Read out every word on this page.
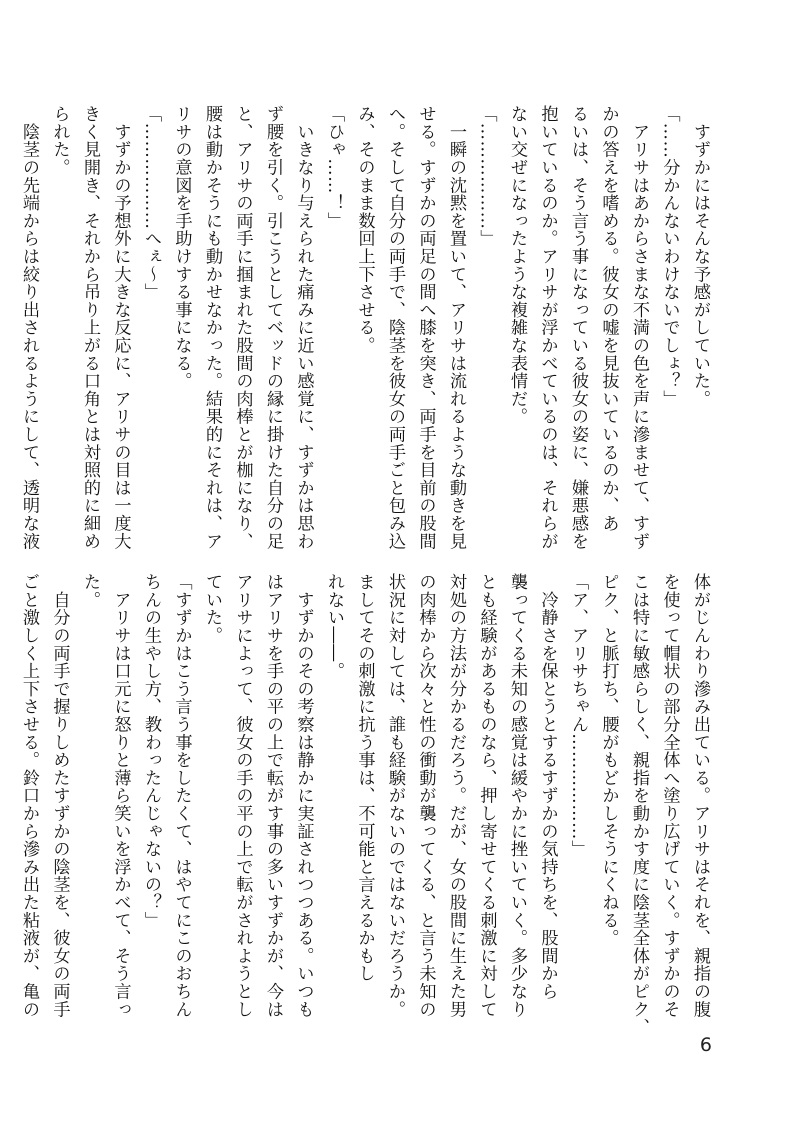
　すずかにはそんな予感がしていた。
「……分かんないわけないでしょ？」
　アリサはあからさまな不満の色を声に滲ませて、すず
かの答えを嗜める。彼女の嘘を見抜いているのか、あ
るいは、そう言う事になっている彼女の姿に、嫌悪感を
抱いているのか。アリサが浮かべているのは、それらが
ない交ぜになったような複雑な表情だ。
「………………」
　一瞬の沈黙を置いて、アリサは流れるような動きを見
せる。すずかの両足の間へ膝を突き、両手を目前の股間
へ。そして自分の両手で、陰茎を彼女の両手ごと包み込
み、そのまま数回上下させる。
「ひゃ……！」
　いきなり与えられた痛みに近い感覚に、すずかは思わ
ず腰を引く。引こうとしてベッドの縁に掛けた自分の足
と、アリサの両手に掴まれた股間の肉棒とが枷になり、
腰は動かそうにも動かせなかった。結果的にそれは、ア
リサの意図を手助けする事になる。
「………………へぇ～」
　すずかの予想外に大きな反応に、アリサの目は一度大
きく見開き、それから吊り上がる口角とは対照的に細め
られた。
　陰茎の先端からは絞り出されるようにして、透明な液
体がじんわり滲み出ている。アリサはそれを、親指の腹
を使って帽状の部分全体へ塗り広げていく。すずかのそ
こは特に敏感らしく、親指を動かす度に陰茎全体がピク、
ピク、と脈打ち、腰がもどかしそうにくねる。
「ア、アリサちゃん………………」
　冷静さを保とうとするすずかの気持ちを、股間から
襲ってくる未知の感覚は緩やかに挫いていく。多少なり
とも経験があるものなら、押し寄せてくる刺激に対して
対処の方法が分かるだろう。だが、女の股間に生えた男
の肉棒から次々と性の衝動が襲ってくる、と言う未知の
状況に対しては、誰も経験がないのではないだろうか。
ましてその刺激に抗う事は、不可能と言えるかもし
れない――。
　すずかのその考察は静かに実証されつつある。いつも
はアリサを手の平の上で転がす事の多いすずかが、今は
アリサによって、彼女の手の平の上で転がされようとし
ていた。
「すずかはこう言う事をしたくて、はやてにこのおちん
ちんの生やし方、教わったんじゃないの？」
　アリサは口元に怒りと薄ら笑いを浮かべて、そう言っ
た。
　自分の両手で握りしめたすずかの陰茎を、彼女の両手
ごと激しく上下させる。鈴口から滲み出た粘液が、亀の
6
